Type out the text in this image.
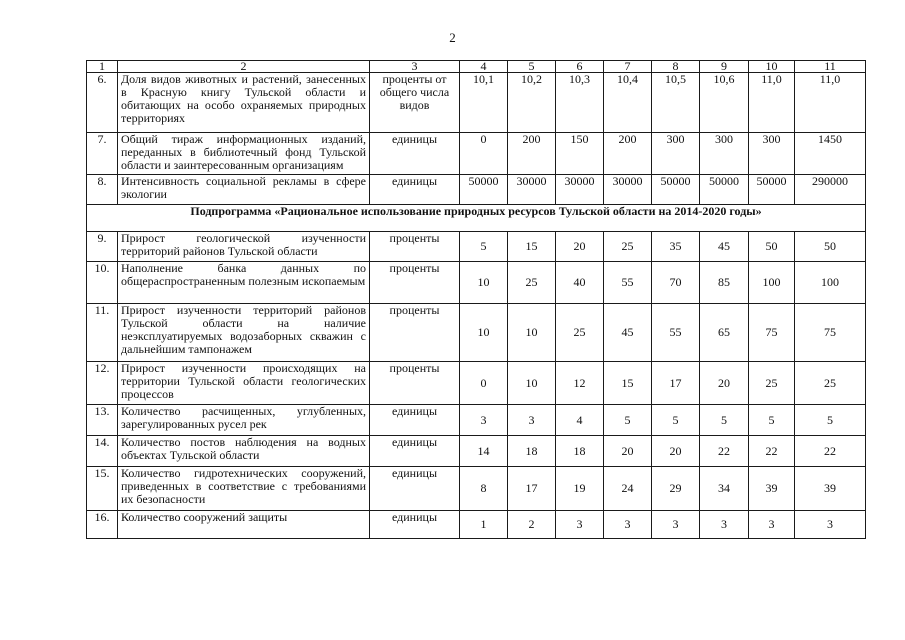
2
1	2	3	4	5	6	7	8	9	10	11
6.	Доля видов животных и растений, занесенных в Красную книгу Тульской области и обитающих на особо охраняемых природных территориях	проценты от общего числа видов	10,1	10,2	10,3	10,4	10,5	10,6	11,0	11,0
7.	Общий тираж информационных изданий, переданных в библиотечный фонд Тульской области и заинтересованным организациям	единицы	0	200	150	200	300	300	300	1450
8.	Интенсивность социальной рекламы в сфере экологии	единицы	50000	30000	30000	30000	50000	50000	50000	290000
Подпрограмма «Рациональное использование природных ресурсов Тульской области на 2014-2020 годы»										
9.	Прирост геологической изученности территорий районов Тульской области	проценты	5	15	20	25	35	45	50	50
10.	Наполнение банка данных по общераспространенным полезным ископаемым	проценты	10	25	40	55	70	85	100	100
11.	Прирост изученности территорий районов Тульской области на наличие неэксплуатируемых водозаборных скважин с дальнейшим тампонажем	проценты	10	10	25	45	55	65	75	75
12.	Прирост изученности происходящих на территории Тульской области геологических процессов	проценты	0	10	12	15	17	20	25	25
13.	Количество расчищенных, углубленных, зарегулированных русел рек	единицы	3	3	4	5	5	5	5	5
14.	Количество постов наблюдения на водных объектах Тульской области	единицы	14	18	18	20	20	22	22	22
15.	Количество гидротехнических сооружений, приведенных в соответствие с требованиями их безопасности	единицы	8	17	19	24	29	34	39	39
16.	Количество сооружений защиты	единицы	1	2	3	3	3	3	3	3
